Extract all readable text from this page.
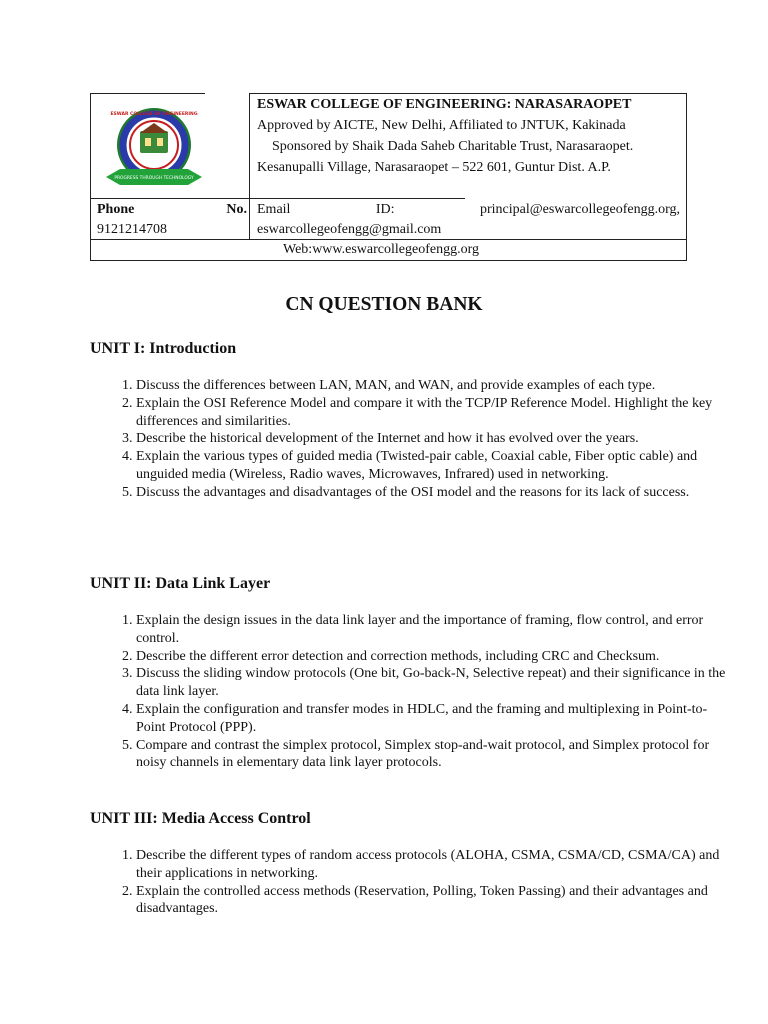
ESWAR COLLEGE OF ENGINEERING
PROGRESS THROUGH TECHNOLOGY
ESWAR COLLEGE OF ENGINEERING: NARASARAOPET
Approved by AICTE, New Delhi, Affiliated to JNTUK, Kakinada
Sponsored by Shaik Dada Saheb Charitable Trust, Narasaraopet.
Kesanupalli Village, Narasaraopet – 522 601, Guntur Dist. A.P.
Phone	No.
9121214708
Email	ID:	principal@eswarcollegeofengg.org,
eswarcollegeofengg@gmail.com
Web:www.eswarcollegeofengg.org
CN QUESTION BANK
UNIT I: Introduction
1. Discuss the differences between LAN, MAN, and WAN, and provide examples of each type.
2. Explain the OSI Reference Model and compare it with the TCP/IP Reference Model. Highlight the key differences and similarities.
3. Describe the historical development of the Internet and how it has evolved over the years.
4. Explain the various types of guided media (Twisted-pair cable, Coaxial cable, Fiber optic cable) and unguided media (Wireless, Radio waves, Microwaves, Infrared) used in networking.
5. Discuss the advantages and disadvantages of the OSI model and the reasons for its lack of success.
UNIT II: Data Link Layer
1. Explain the design issues in the data link layer and the importance of framing, flow control, and error control.
2. Describe the different error detection and correction methods, including CRC and Checksum.
3. Discuss the sliding window protocols (One bit, Go-back-N, Selective repeat) and their significance in the data link layer.
4. Explain the configuration and transfer modes in HDLC, and the framing and multiplexing in Point-to-Point Protocol (PPP).
5. Compare and contrast the simplex protocol, Simplex stop-and-wait protocol, and Simplex protocol for noisy channels in elementary data link layer protocols.
UNIT III: Media Access Control
1. Describe the different types of random access protocols (ALOHA, CSMA, CSMA/CD, CSMA/CA) and their applications in networking.
2. Explain the controlled access methods (Reservation, Polling, Token Passing) and their advantages and disadvantages.
